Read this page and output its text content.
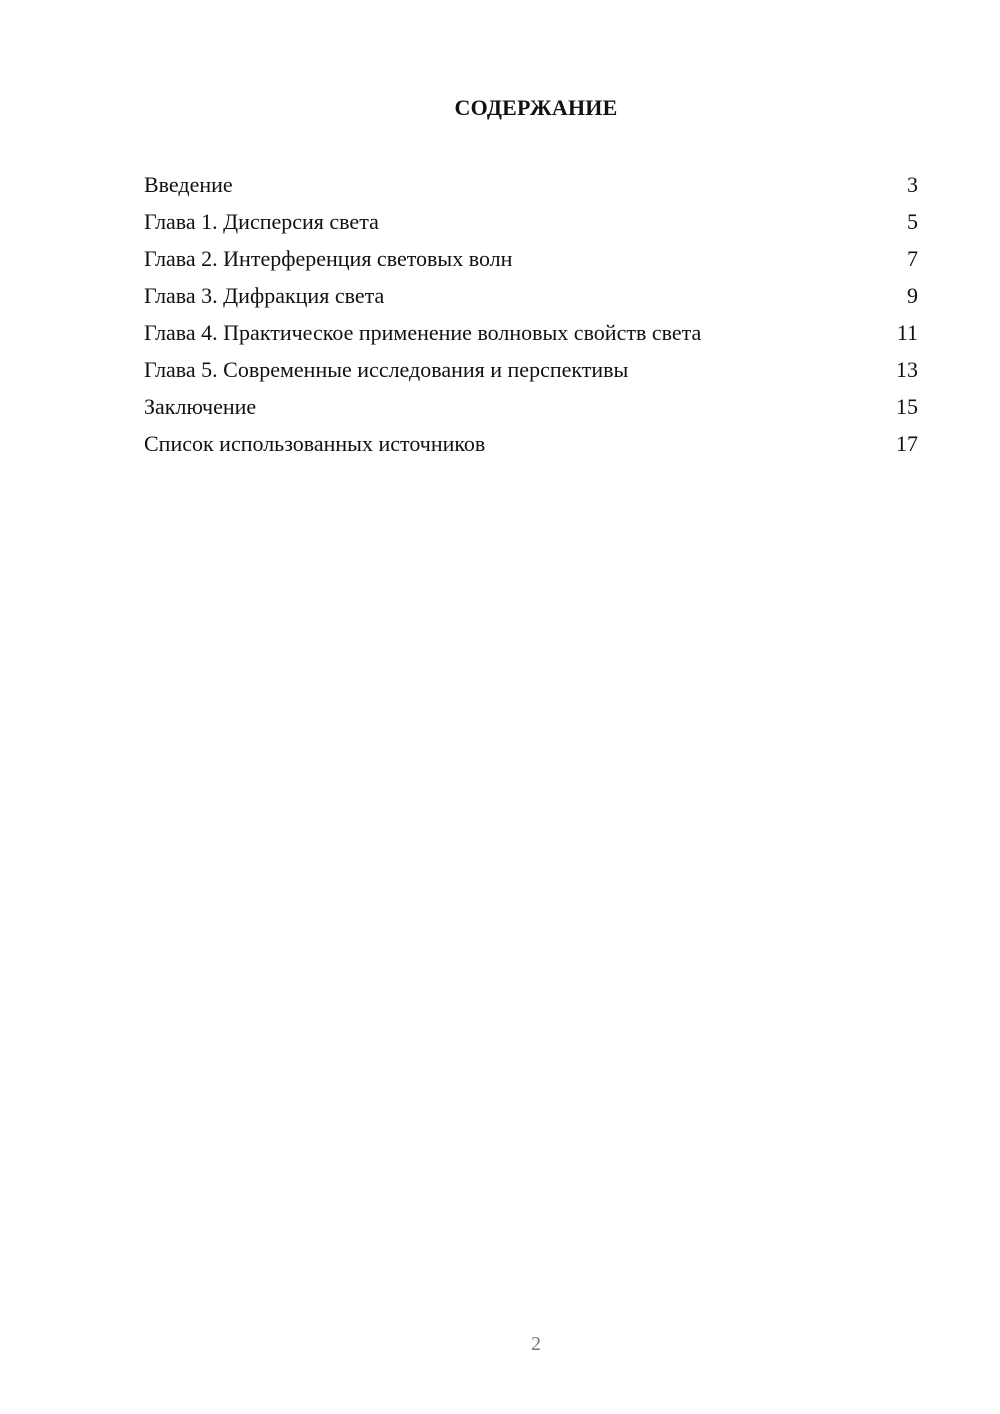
СОДЕРЖАНИЕ
Введение	3
Глава 1. Дисперсия света	5
Глава 2. Интерференция световых волн	7
Глава 3. Дифракция света	9
Глава 4. Практическое применение волновых свойств света	11
Глава 5. Современные исследования и перспективы	13
Заключение	15
Список использованных источников	17
2
